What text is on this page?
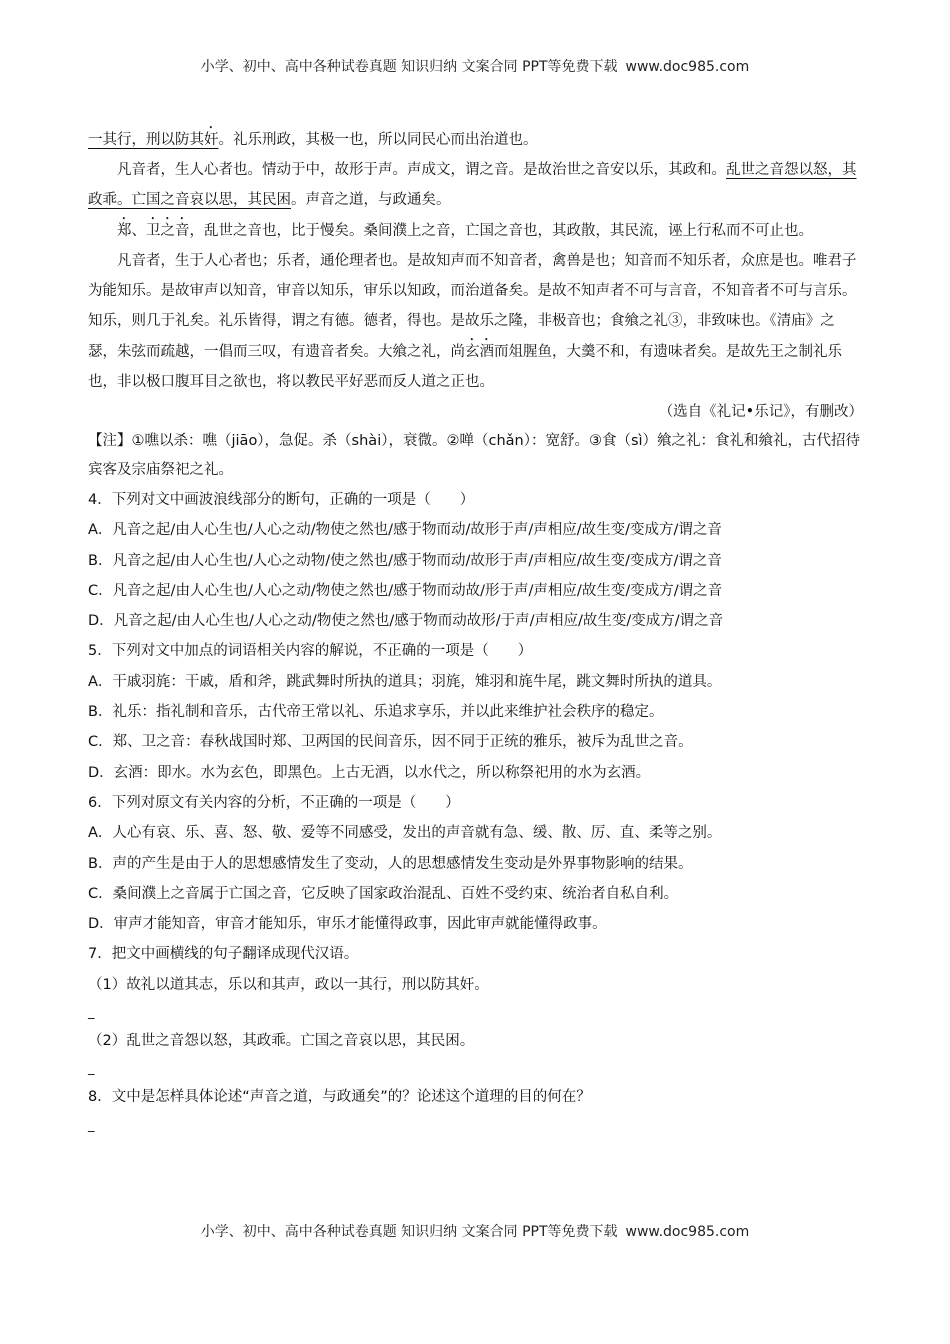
小学、初中、高中各种试卷真题 知识归纳 文案合同 PPT等免费下载 www.doc985.com

一其行，刑以防其奸。礼乐刑政，其极一也，所以同民心而出治道也。

凡音者，生人心者也。情动于中，故形于声。声成文，谓之音。是故治世之音安以乐，其政和。乱世之音怨以怒，其政乖。亡国之音哀以思，其民困。声音之道，与政通矣。

郑、卫之音，乱世之音也，比于慢矣。桑间濮上之音，亡国之音也，其政散，其民流，诬上行私而不可止也。

凡音者，生于人心者也；乐者，通伦理者也。是故知声而不知音者，禽兽是也；知音而不知乐者，众庶是也。唯君子为能知乐。是故审声以知音，审音以知乐，审乐以知政，而治道备矣。是故不知声者不可与言音，不知音者不可与言乐。知乐，则几于礼矣。礼乐皆得，谓之有德。德者，得也。是故乐之隆，非极音也；食飨之礼③，非致味也。《清庙》之瑟，朱弦而疏越，一倡而三叹，有遗音者矣。大飨之礼，尚玄酒而俎腥鱼，大羹不和，有遗味者矣。是故先王之制礼乐也，非以极口腹耳目之欲也，将以教民平好恶而反人道之正也。

（选自《礼记•乐记》，有删改）

【注】①噍以杀：噍（jiāo），急促。杀（shài），衰微。②啴（chǎn）：宽舒。③食（sì）飨之礼：食礼和飨礼，古代招待宾客及宗庙祭祀之礼。

4．下列对文中画波浪线部分的断句，正确的一项是（　　）

A．凡音之起/由人心生也/人心之动/物使之然也/感于物而动/故形于声/声相应/故生变/变成方/谓之音

B．凡音之起/由人心生也/人心之动物/使之然也/感于物而动/故形于声/声相应/故生变/变成方/谓之音

C．凡音之起/由人心生也/人心之动/物使之然也/感于物而动故/形于声/声相应/故生变/变成方/谓之音

D．凡音之起/由人心生也/人心之动/物使之然也/感于物而动故形/于声/声相应/故生变/变成方/谓之音

5．下列对文中加点的词语相关内容的解说，不正确的一项是（　　）

A．干戚羽旄：干戚，盾和斧，跳武舞时所执的道具；羽旄，雉羽和旄牛尾，跳文舞时所执的道具。

B．礼乐：指礼制和音乐，古代帝王常以礼、乐追求享乐，并以此来维护社会秩序的稳定。

C．郑、卫之音：春秋战国时郑、卫两国的民间音乐，因不同于正统的雅乐，被斥为乱世之音。

D．玄酒：即水。水为玄色，即黑色。上古无酒，以水代之，所以称祭祀用的水为玄酒。

6．下列对原文有关内容的分析，不正确的一项是（　　）

A．人心有哀、乐、喜、怒、敬、爱等不同感受，发出的声音就有急、缓、散、厉、直、柔等之别。

B．声的产生是由于人的思想感情发生了变动，人的思想感情发生变动是外界事物影响的结果。

C．桑间濮上之音属于亡国之音，它反映了国家政治混乱、百姓不受约束、统治者自私自利。

D．审声才能知音，审音才能知乐，审乐才能懂得政事，因此审声就能懂得政事。

7．把文中画横线的句子翻译成现代汉语。

（1）故礼以道其志，乐以和其声，政以一其行，刑以防其奸。

_

（2）乱世之音怨以怒，其政乖。亡国之音哀以思，其民困。

_

8．文中是怎样具体论述“声音之道，与政通矣”的？论述这个道理的目的何在？

_

小学、初中、高中各种试卷真题 知识归纳 文案合同 PPT等免费下载 www.doc985.com
